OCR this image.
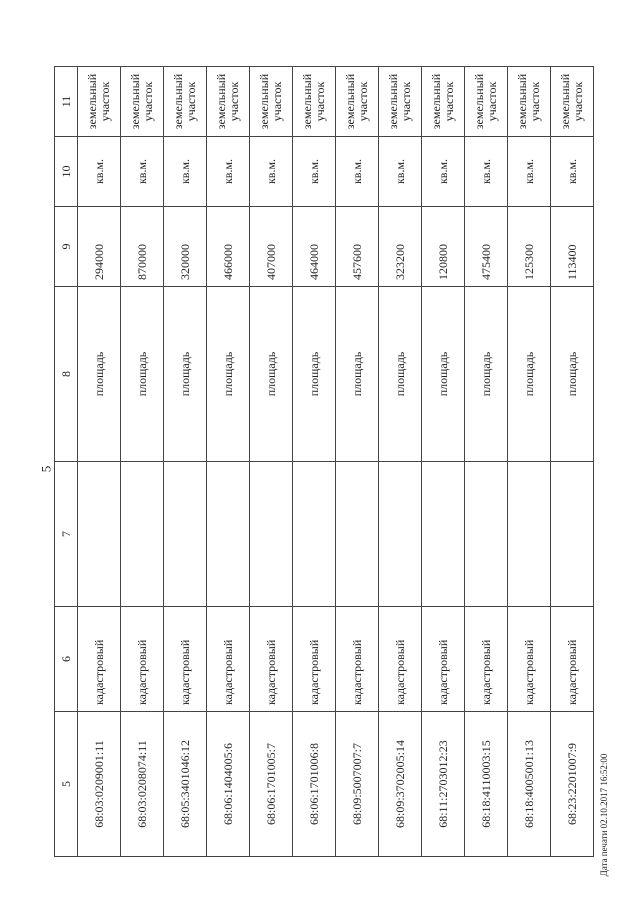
5
5	6	7	8	9	10	11
68:03:0209001:11	кадастровый		площадь	294000	кв.м.	земельный участок
68:03:0208074:11	кадастровый		площадь	870000	кв.м.	земельный участок
68:05:3401046:12	кадастровый		площадь	320000	кв.м.	земельный участок
68:06:1404005:6	кадастровый		площадь	466000	кв.м.	земельный участок
68:06:1701005:7	кадастровый		площадь	407000	кв.м.	земельный участок
68:06:1701006:8	кадастровый		площадь	464000	кв.м.	земельный участок
68:09:5007007:7	кадастровый		площадь	457600	кв.м.	земельный участок
68:09:3702005:14	кадастровый		площадь	323200	кв.м.	земельный участок
68:11:2703012:23	кадастровый		площадь	120800	кв.м.	земельный участок
68:18:4110003:15	кадастровый		площадь	475400	кв.м.	земельный участок
68:18:4005001:13	кадастровый		площадь	125300	кв.м.	земельный участок
68:23:2201007:9	кадастровый		площадь	113400	кв.м.	земельный участок
Дата печати 02.10.2017 16:52:00
